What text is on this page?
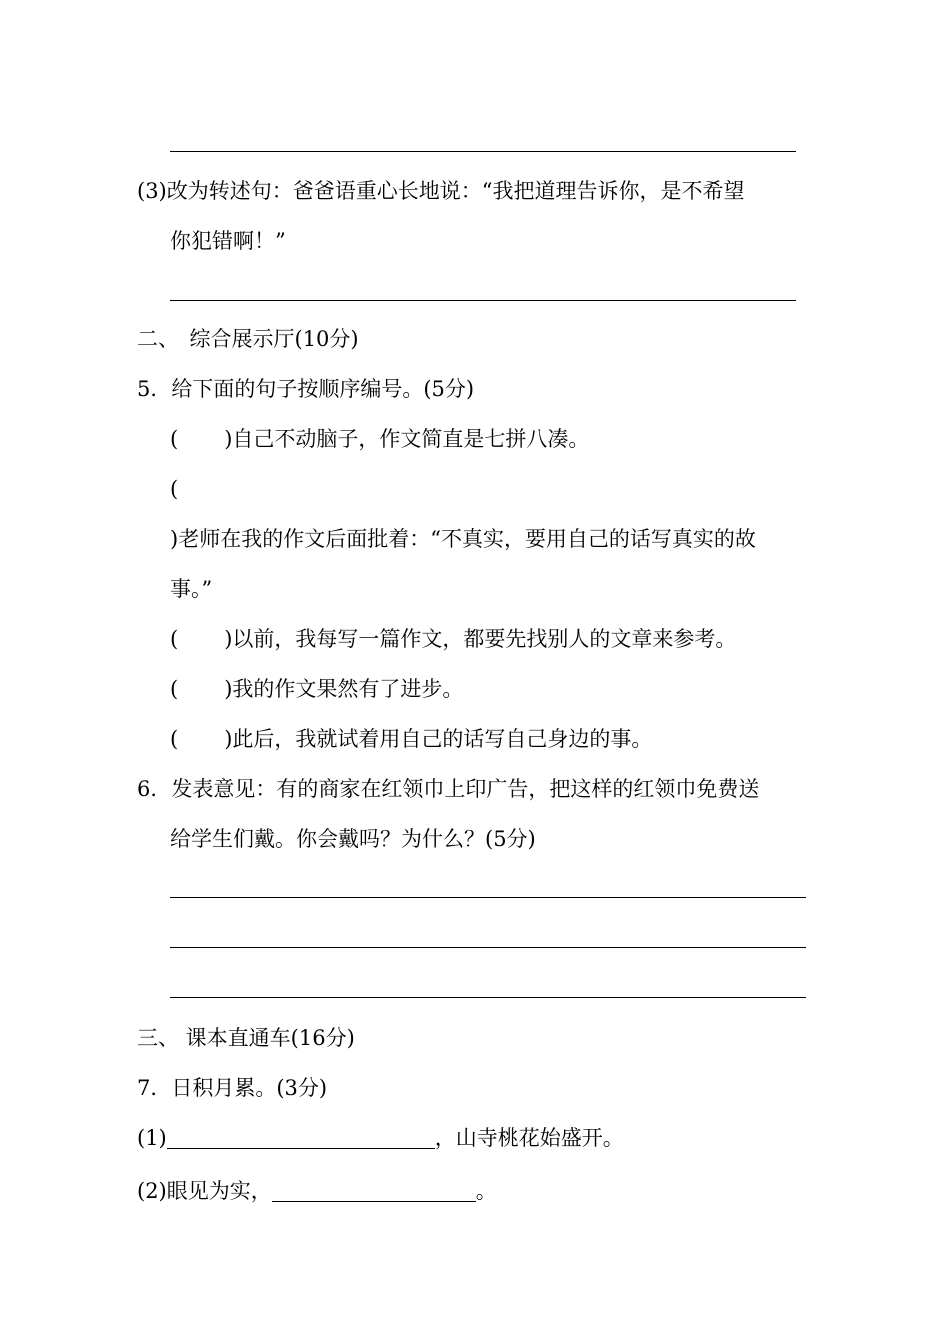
(3)改为转述句：爸爸语重心长地说：“我把道理告诉你，是不希望
你犯错啊！”
二、　综合展示厅(10分)
5．给下面的句子按顺序编号。(5分)
( )自己不动脑子，作文简直是七拼八凑。
(
)老师在我的作文后面批着：“不真实，要用自己的话写真实的故
事。”
( )以前，我每写一篇作文，都要先找别人的文章来参考。
( )我的作文果然有了进步。
( )此后，我就试着用自己的话写自己身边的事。
6．发表意见：有的商家在红领巾上印广告，把这样的红领巾免费送
给学生们戴。你会戴吗？为什么？(5分)
三、 课本直通车(16分)
7．日积月累。(3分)
(1)	，山寺桃花始盛开。
(2)眼见为实，	。
